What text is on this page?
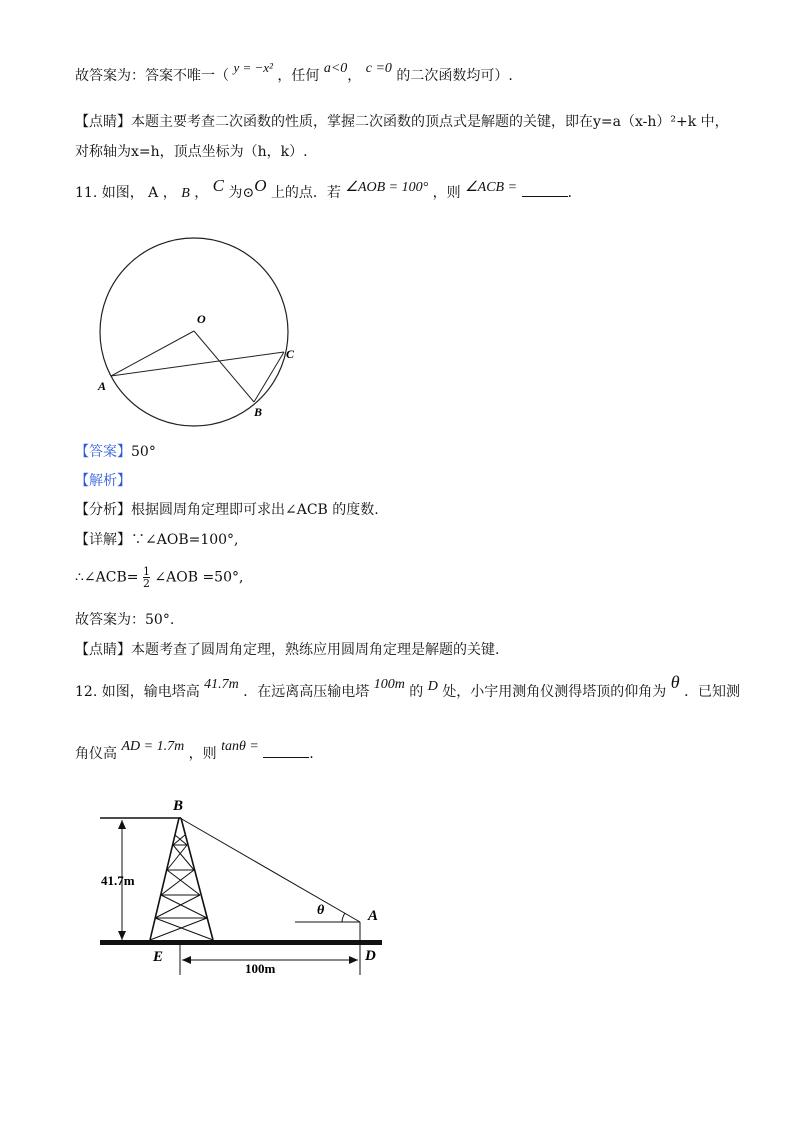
故答案为：答案不唯一（ y = −x² ，任何 a<0， c =0 的二次函数均可）.
【点睛】本题主要考查二次函数的性质，掌握二次函数的顶点式是解题的关键，即在y=a（x-h）²+k 中，
对称轴为x=h，顶点坐标为（h，k）.
11. 如图， A ， B ， C 为⊙O 上的点．若 ∠AOB = 100° ，则 ∠ACB =	.
O
A
B
C
【答案】50°
【解析】
【分析】根据圆周角定理即可求出∠ACB 的度数.
【详解】∵∠AOB=100°,
∴∠ACB= $\frac{1}{2}$ ∠AOB =50°,
故答案为：50°.
【点睛】本题考查了圆周角定理，熟练应用圆周角定理是解题的关键.
12. 如图，输电塔高 41.7m ．在远离高压输电塔 100m 的 D 处，小宇用测角仪测得塔顶的仰角为 θ ．已知测
角仪高 AD = 1.7m ，则 tanθ =	.
41.7m
θ
100m
B
A
D
E
